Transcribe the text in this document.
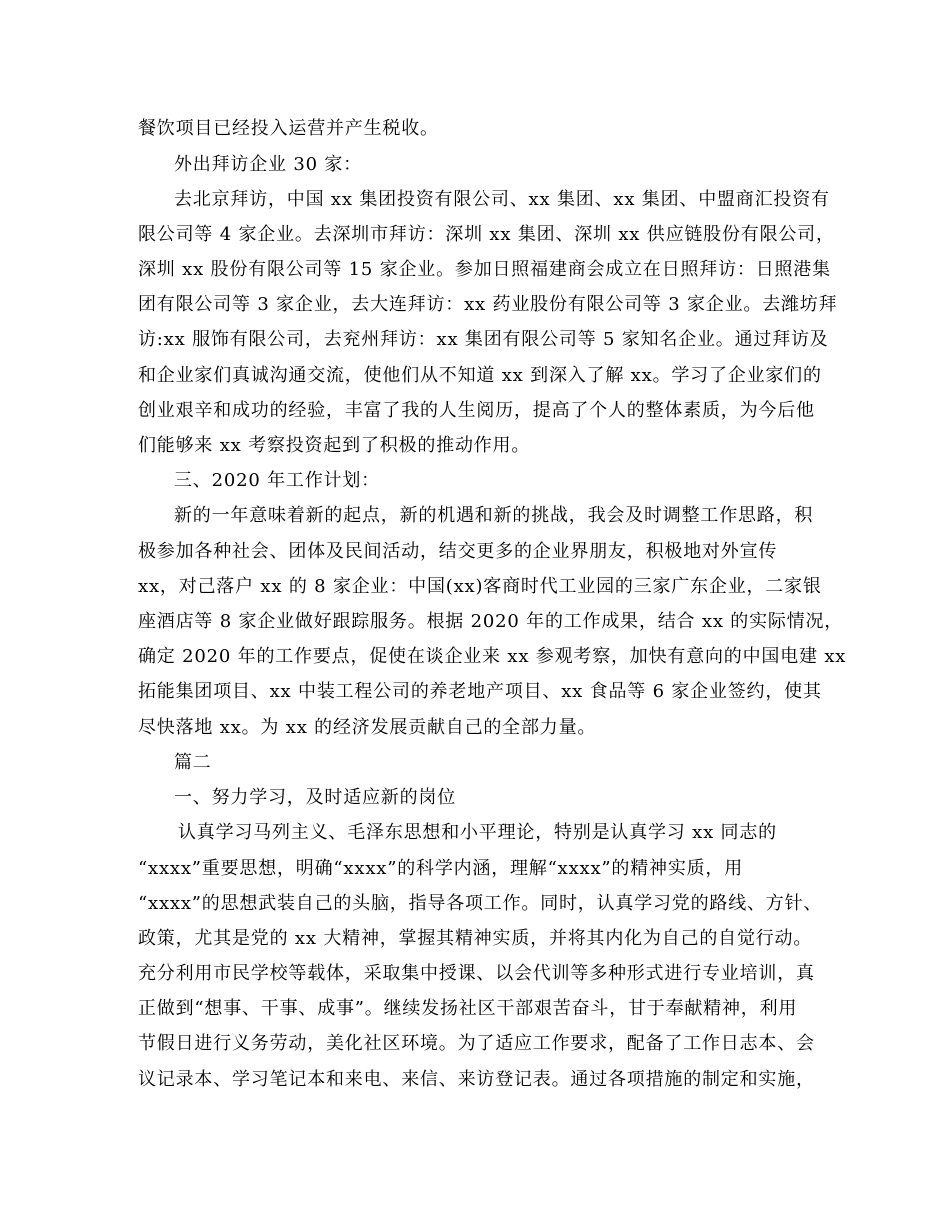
餐饮项目已经投入运营并产生税收。
外出拜访企业 30 家：
去北京拜访，中国 xx 集团投资有限公司、xx 集团、xx 集团、中盟商汇投资有
限公司等 4 家企业。去深圳市拜访：深圳 xx 集团、深圳 xx 供应链股份有限公司，
深圳 xx 股份有限公司等 15 家企业。参加日照福建商会成立在日照拜访：日照港集
团有限公司等 3 家企业，去大连拜访：xx 药业股份有限公司等 3 家企业。去潍坊拜
访:xx 服饰有限公司，去兖州拜访：xx 集团有限公司等 5 家知名企业。通过拜访及
和企业家们真诚沟通交流，使他们从不知道 xx 到深入了解 xx。学习了企业家们的
创业艰辛和成功的经验，丰富了我的人生阅历，提高了个人的整体素质，为今后他
们能够来 xx 考察投资起到了积极的推动作用。
三、2020 年工作计划：
新的一年意味着新的起点，新的机遇和新的挑战，我会及时调整工作思路，积
极参加各种社会、团体及民间活动，结交更多的企业界朋友，积极地对外宣传
xx，对己落户 xx 的 8 家企业：中国(xx)客商时代工业园的三家广东企业，二家银
座酒店等 8 家企业做好跟踪服务。根据 2020 年的工作成果，结合 xx 的实际情况，
确定 2020 年的工作要点，促使在谈企业来 xx 参观考察，加快有意向的中国电建 xx
拓能集团项目、xx 中装工程公司的养老地产项目、xx 食品等 6 家企业签约，使其
尽快落地 xx。为 xx 的经济发展贡献自己的全部力量。
篇二
一、努力学习，及时适应新的岗位
认真学习马列主义、毛泽东思想和小平理论，特别是认真学习 xx 同志的
“xxxx”重要思想，明确“xxxx”的科学内涵，理解“xxxx”的精神实质，用
“xxxx”的思想武装自己的头脑，指导各项工作。同时，认真学习党的路线、方针、
政策，尤其是党的 xx 大精神，掌握其精神实质，并将其内化为自己的自觉行动。
充分利用市民学校等载体，采取集中授课、以会代训等多种形式进行专业培训，真
正做到“想事、干事、成事”。继续发扬社区干部艰苦奋斗，甘于奉献精神，利用
节假日进行义务劳动，美化社区环境。为了适应工作要求，配备了工作日志本、会
议记录本、学习笔记本和来电、来信、来访登记表。通过各项措施的制定和实施，
